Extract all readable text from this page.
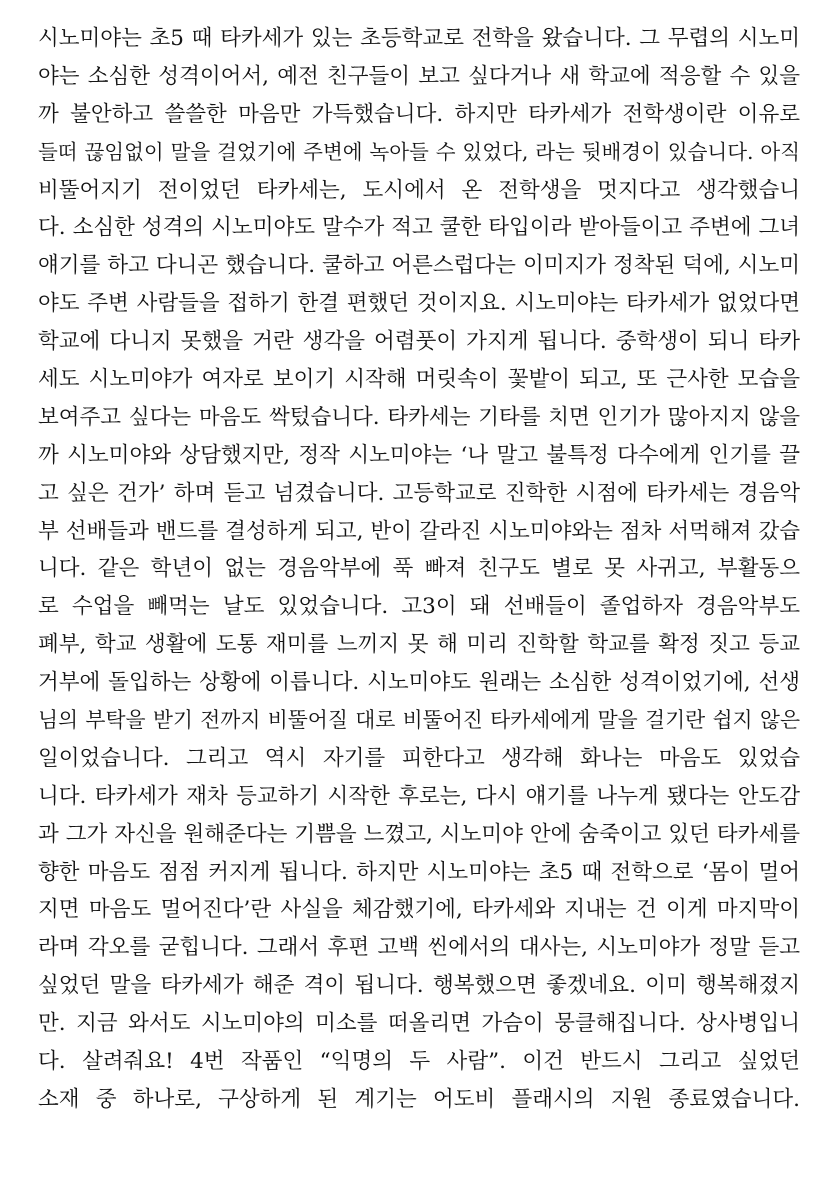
시노미야는 초5 때 타카세가 있는 초등학교로 전학을 왔습니다. 그 무렵의 시노미
야는 소심한 성격이어서, 예전 친구들이 보고 싶다거나 새 학교에 적응할 수 있을
까 불안하고 쓸쓸한 마음만 가득했습니다. 하지만 타카세가 전학생이란 이유로
들떠 끊임없이 말을 걸었기에 주변에 녹아들 수 있었다, 라는 뒷배경이 있습니다. 아직
비뚤어지기 전이었던 타카세는, 도시에서 온 전학생을 멋지다고 생각했습니
다. 소심한 성격의 시노미야도 말수가 적고 쿨한 타입이라 받아들이고 주변에 그녀
얘기를 하고 다니곤 했습니다. 쿨하고 어른스럽다는 이미지가 정착된 덕에, 시노미
야도 주변 사람들을 접하기 한결 편했던 것이지요. 시노미야는 타카세가 없었다면
학교에 다니지 못했을 거란 생각을 어렴풋이 가지게 됩니다. 중학생이 되니 타카
세도 시노미야가 여자로 보이기 시작해 머릿속이 꽃밭이 되고, 또 근사한 모습을
보여주고 싶다는 마음도 싹텄습니다. 타카세는 기타를 치면 인기가 많아지지 않을
까 시노미야와 상담했지만, 정작 시노미야는 ‘나 말고 불특정 다수에게 인기를 끌
고 싶은 건가’ 하며 듣고 넘겼습니다. 고등학교로 진학한 시점에 타카세는 경음악
부 선배들과 밴드를 결성하게 되고, 반이 갈라진 시노미야와는 점차 서먹해져 갔습
니다. 같은 학년이 없는 경음악부에 푹 빠져 친구도 별로 못 사귀고, 부활동으
로 수업을 빼먹는 날도 있었습니다. 고3이 돼 선배들이 졸업하자 경음악부도
폐부, 학교 생활에 도통 재미를 느끼지 못 해 미리 진학할 학교를 확정 짓고 등교
거부에 돌입하는 상황에 이릅니다. 시노미야도 원래는 소심한 성격이었기에, 선생
님의 부탁을 받기 전까지 비뚤어질 대로 비뚤어진 타카세에게 말을 걸기란 쉽지 않은
일이었습니다. 그리고 역시 자기를 피한다고 생각해 화나는 마음도 있었습
니다. 타카세가 재차 등교하기 시작한 후로는, 다시 얘기를 나누게 됐다는 안도감
과 그가 자신을 원해준다는 기쁨을 느꼈고, 시노미야 안에 숨죽이고 있던 타카세를
향한 마음도 점점 커지게 됩니다. 하지만 시노미야는 초5 때 전학으로 ‘몸이 멀어
지면 마음도 멀어진다’란 사실을 체감했기에, 타카세와 지내는 건 이게 마지막이
라며 각오를 굳힙니다. 그래서 후편 고백 씬에서의 대사는, 시노미야가 정말 듣고
싶었던 말을 타카세가 해준 격이 됩니다. 행복했으면 좋겠네요. 이미 행복해졌지
만. 지금 와서도 시노미야의 미소를 떠올리면 가슴이 뭉클해집니다. 상사병입니
다. 살려줘요! 4번 작품인 “익명의 두 사람”. 이건 반드시 그리고 싶었던
소재 중 하나로, 구상하게 된 계기는 어도비 플래시의 지원 종료였습니다.
